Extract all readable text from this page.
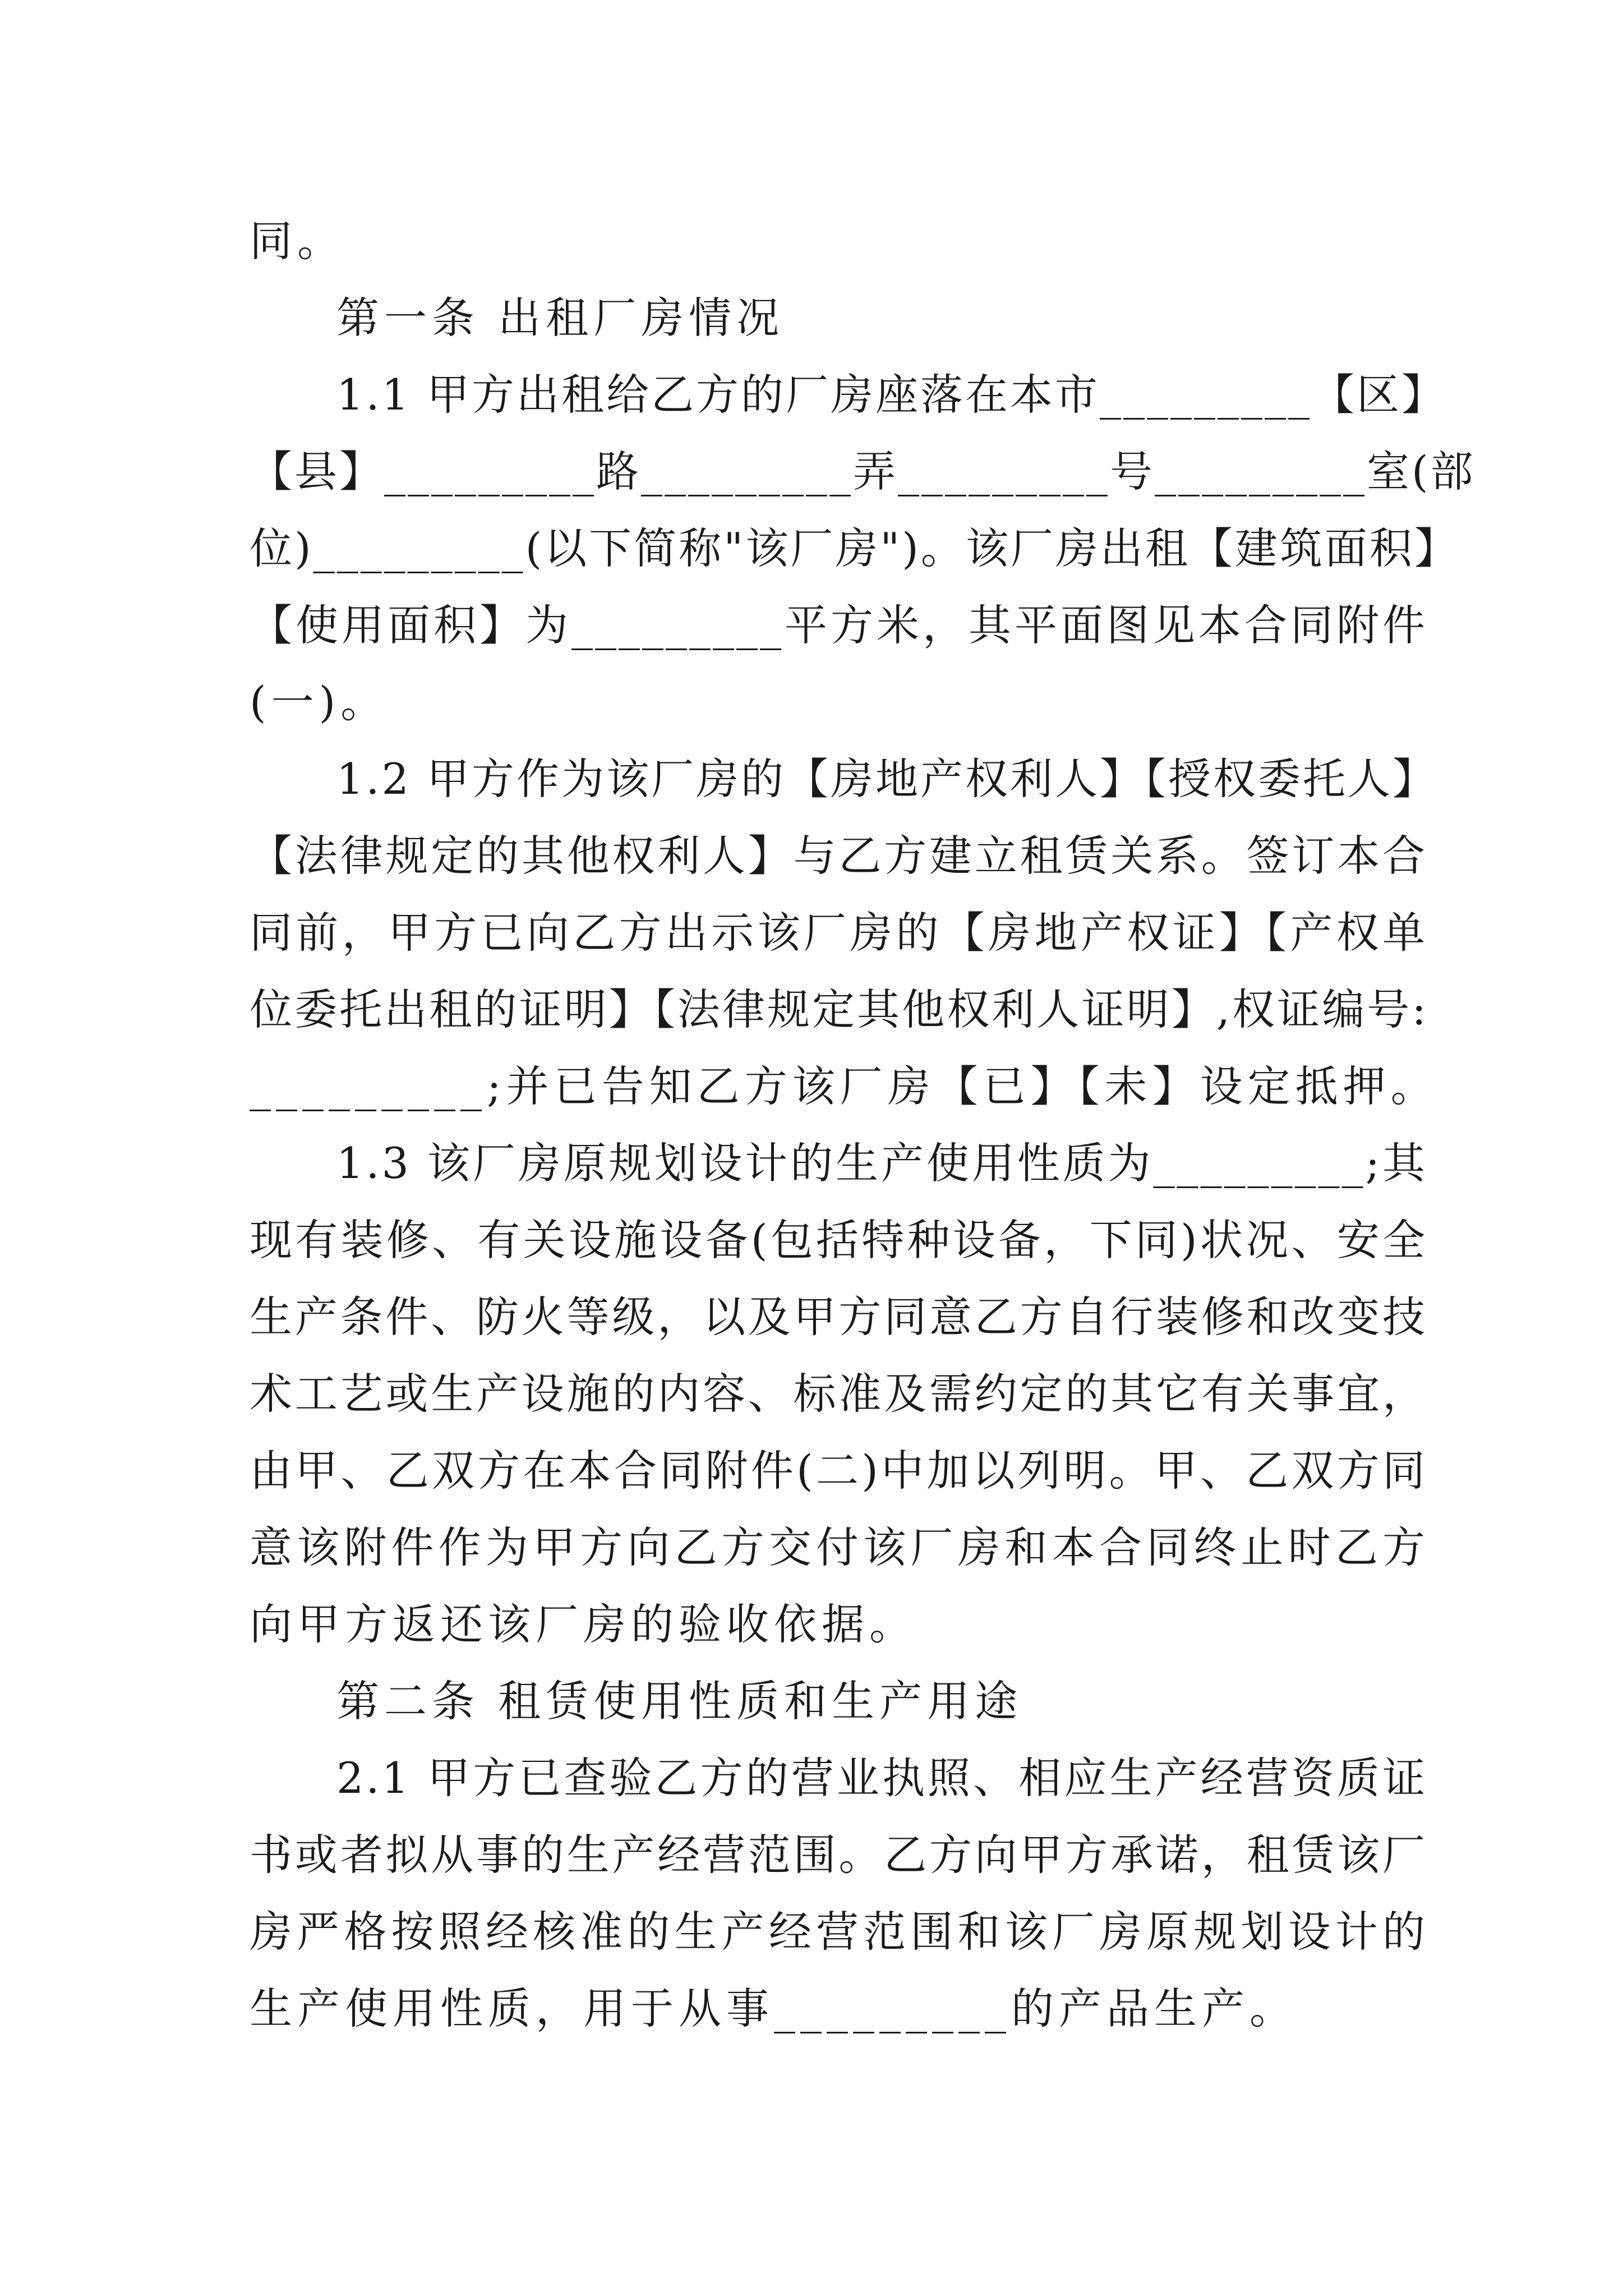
同。
第一条 出租厂房情况
1.1 甲方出租给乙方的厂房座落在本市_________【区】
【县】_________路_________弄_________号_________室(部
位)_________(以下简称"该厂房")。该厂房出租【建筑面积】
【使用面积】为_________平方米，其平面图见本合同附件
(一)。
1.2 甲方作为该厂房的【房地产权利人】【授权委托人】
【法律规定的其他权利人】与乙方建立租赁关系。签订本合
同前，甲方已向乙方出示该厂房的【房地产权证】【产权单
位委托出租的证明】【法律规定其他权利人证明】,权证编号:
_________;并已告知乙方该厂房【已】【未】设定抵押。
1.3 该厂房原规划设计的生产使用性质为_________;其
现有装修、有关设施设备(包括特种设备，下同)状况、安全
生产条件、防火等级，以及甲方同意乙方自行装修和改变技
术工艺或生产设施的内容、标准及需约定的其它有关事宜，
由甲、乙双方在本合同附件(二)中加以列明。甲、乙双方同
意该附件作为甲方向乙方交付该厂房和本合同终止时乙方
向甲方返还该厂房的验收依据。
第二条 租赁使用性质和生产用途
2.1 甲方已查验乙方的营业执照、相应生产经营资质证
书或者拟从事的生产经营范围。乙方向甲方承诺，租赁该厂
房严格按照经核准的生产经营范围和该厂房原规划设计的
生产使用性质，用于从事_________的产品生产。
